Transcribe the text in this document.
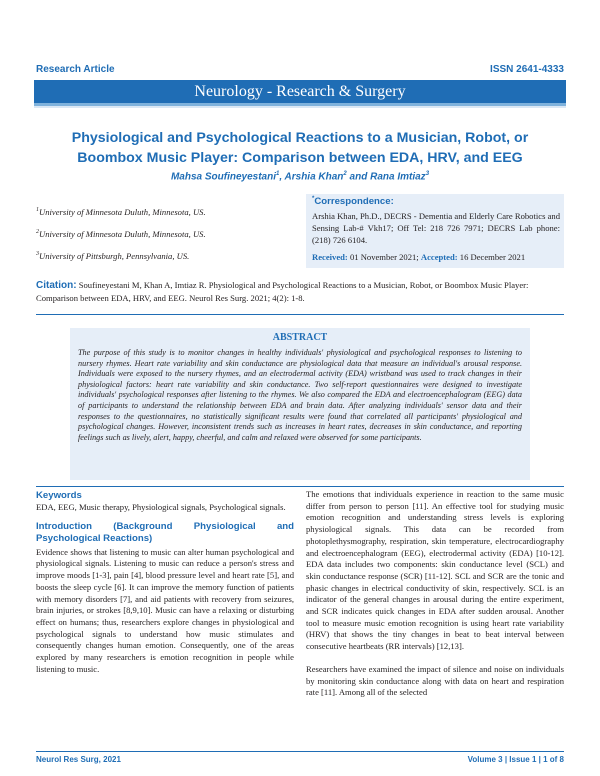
Research Article	ISSN 2641-4333
Neurology - Research & Surgery
Physiological and Psychological Reactions to a Musician, Robot, or Boombox Music Player: Comparison between EDA, HRV, and EEG
Mahsa Soufineyestani$^1$, Arshia Khan$^2$ and Rana Imtiaz$^3$
$^1$University of Minnesota Duluth, Minnesota, US.
$^2$University of Minnesota Duluth, Minnesota, US.
$^3$University of Pittsburgh, Pennsylvania, US.
*Correspondence:
Arshia Khan, Ph.D., DECRS - Dementia and Elderly Care Robotics and Sensing Lab-# Vkh17; Off Tel: 218 726 7971; DECRS Lab phone: (218) 726 6104.
Received: 01 November 2021; Accepted: 16 December 2021
Citation: Soufineyestani M, Khan A, Imtiaz R. Physiological and Psychological Reactions to a Musician, Robot, or Boombox Music Player: Comparison between EDA, HRV, and EEG. Neurol Res Surg. 2021; 4(2): 1-8.
ABSTRACT
The purpose of this study is to monitor changes in healthy individuals' physiological and psychological responses to listening to nursery rhymes. Heart rate variability and skin conductance are physiological data that measure an individual's arousal response. Individuals were exposed to the nursery rhymes, and an electrodermal activity (EDA) wristband was used to track changes in their physiological factors: heart rate variability and skin conductance. Two self-report questionnaires were designed to investigate individuals' psychological responses after listening to the rhymes. We also compared the EDA and electroencephalogram (EEG) data of participants to understand the relationship between EDA and brain data. After analyzing individuals' sensor data and their responses to the questionnaires, no statistically significant results were found that correlated all participants' physiological and psychological changes. However, inconsistent trends such as increases in heart rates, decreases in skin conductance, and reporting feelings such as lively, alert, happy, cheerful, and calm and relaxed were observed for some participants.
Keywords
EDA, EEG, Music therapy, Physiological signals, Psychological signals.
Introduction (Background Physiological and Psychological Reactions)
Evidence shows that listening to music can alter human psychological and physiological signals. Listening to music can reduce a person's stress and improve moods [1-3], pain [4], blood pressure level and heart rate [5], and boosts the sleep cycle [6]. It can improve the memory function of patients with memory disorders [7], and aid patients with recovery from seizures, brain injuries, or strokes [8,9,10]. Music can have a relaxing or disturbing effect on humans; thus, researchers explore changes in physiological and psychological signals to understand how music stimulates and consequently changes human emotion. Consequently, one of the areas explored by many researchers is emotion recognition in people while listening to music.
The emotions that individuals experience in reaction to the same music differ from person to person [11]. An effective tool for studying music emotion recognition and understanding stress levels is exploring physiological signals. This data can be recorded from photoplethysmography, respiration, skin temperature, electrocardiography and electroencephalogram (EEG), electrodermal activity (EDA) [10-12]. EDA data includes two components: skin conductance level (SCL) and skin conductance response (SCR) [11-12]. SCL and SCR are the tonic and phasic changes in electrical conductivity of skin, respectively. SCL is an indicator of the general changes in arousal during the entire experiment, and SCR indicates quick changes in EDA after sudden arousal. Another tool to measure music emotion recognition is using heart rate variability (HRV) that shows the tiny changes in beat to beat interval between consecutive heartbeats (RR intervals) [12,13].
Researchers have examined the impact of silence and noise on individuals by monitoring skin conductance along with data on heart and respiration rate [11]. Among all of the selected
Neurol Res Surg, 2021	Volume 3 | Issue 1 | 1 of 8
